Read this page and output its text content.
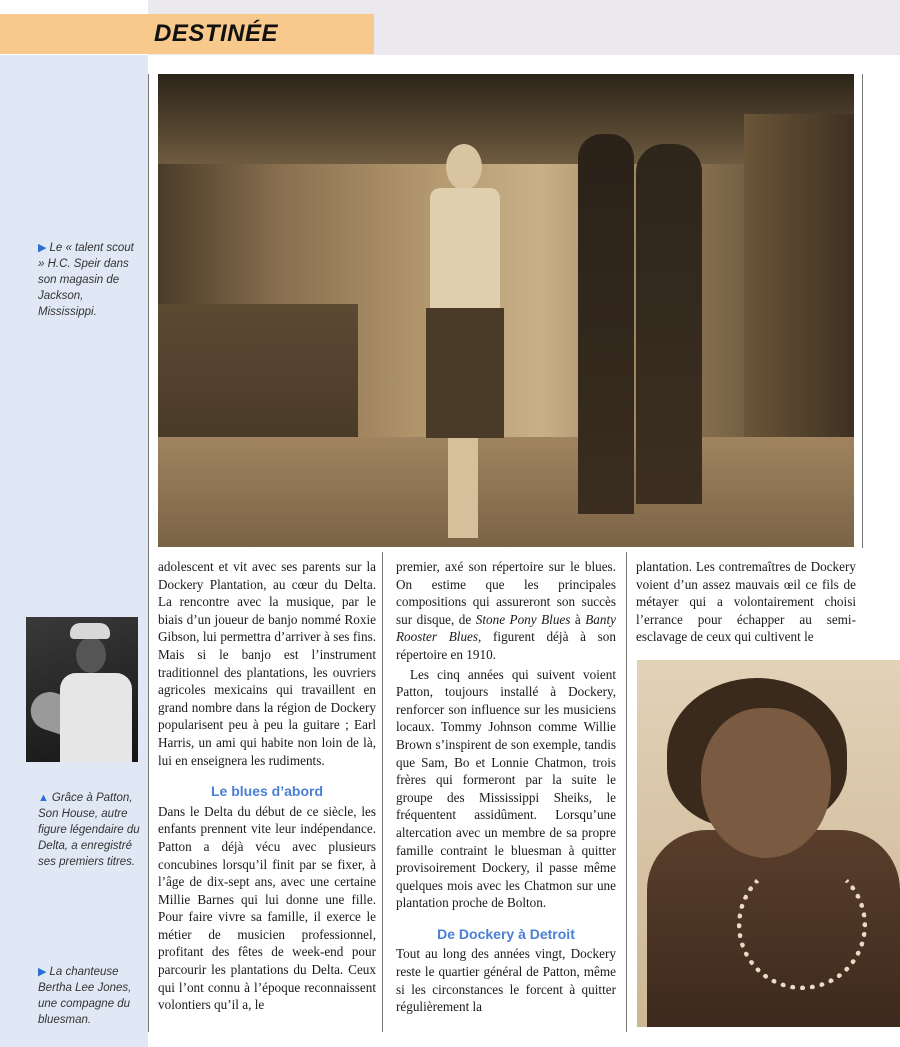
DESTINÉE
▶ Le « talent scout » H.C. Speir dans son magasin de Jackson, Mississippi.
▲ Grâce à Patton, Son House, autre figure légendaire du Delta, a enregistré ses premiers titres.
▶ La chanteuse Bertha Lee Jones, une compagne du bluesman.

adolescent et vit avec ses parents sur la Dockery Plantation, au cœur du Delta. La rencontre avec la musique, par le biais d’un joueur de banjo nommé Roxie Gibson, lui permettra d’arriver à ses fins. Mais si le banjo est l’instrument traditionnel des plantations, les ouvriers agricoles mexicains qui travaillent en grand nombre dans la région de Dockery popularisent peu à peu la guitare ; Earl Harris, un ami qui habite non loin de là, lui en enseignera les rudiments.

Le blues d’abord

Dans le Delta du début de ce siècle, les enfants prennent vite leur indépendance. Patton a déjà vécu avec plusieurs concubines lorsqu’il finit par se fixer, à l’âge de dix-sept ans, avec une certaine Millie Barnes qui lui donne une fille. Pour faire vivre sa famille, il exerce le métier de musicien professionnel, profitant des fêtes de week-end pour parcourir les plantations du Delta. Ceux qui l’ont connu à l’époque reconnaissent volontiers qu’il a, le

premier, axé son répertoire sur le blues. On estime que les principales compositions qui assureront son succès sur disque, de Stone Pony Blues à Banty Rooster Blues, figurent déjà à son répertoire en 1910.

Les cinq années qui suivent voient Patton, toujours installé à Dockery, renforcer son influence sur les musiciens locaux. Tommy Johnson comme Willie Brown s’inspirent de son exemple, tandis que Sam, Bo et Lonnie Chatmon, trois frères qui formeront par la suite le groupe des Mississippi Sheiks, le fréquentent assidûment. Lorsqu’une altercation avec un membre de sa propre famille contraint le bluesman à quitter provisoirement Dockery, il passe même quelques mois avec les Chatmon sur une plantation proche de Bolton.

De Dockery à Detroit

Tout au long des années vingt, Dockery reste le quartier général de Patton, même si les circonstances le forcent à quitter régulièrement la

plantation. Les contremaîtres de Dockery voient d’un assez mauvais œil ce fils de métayer qui a volontairement choisi l’errance pour échapper au semi-esclavage de ceux qui cultivent le
